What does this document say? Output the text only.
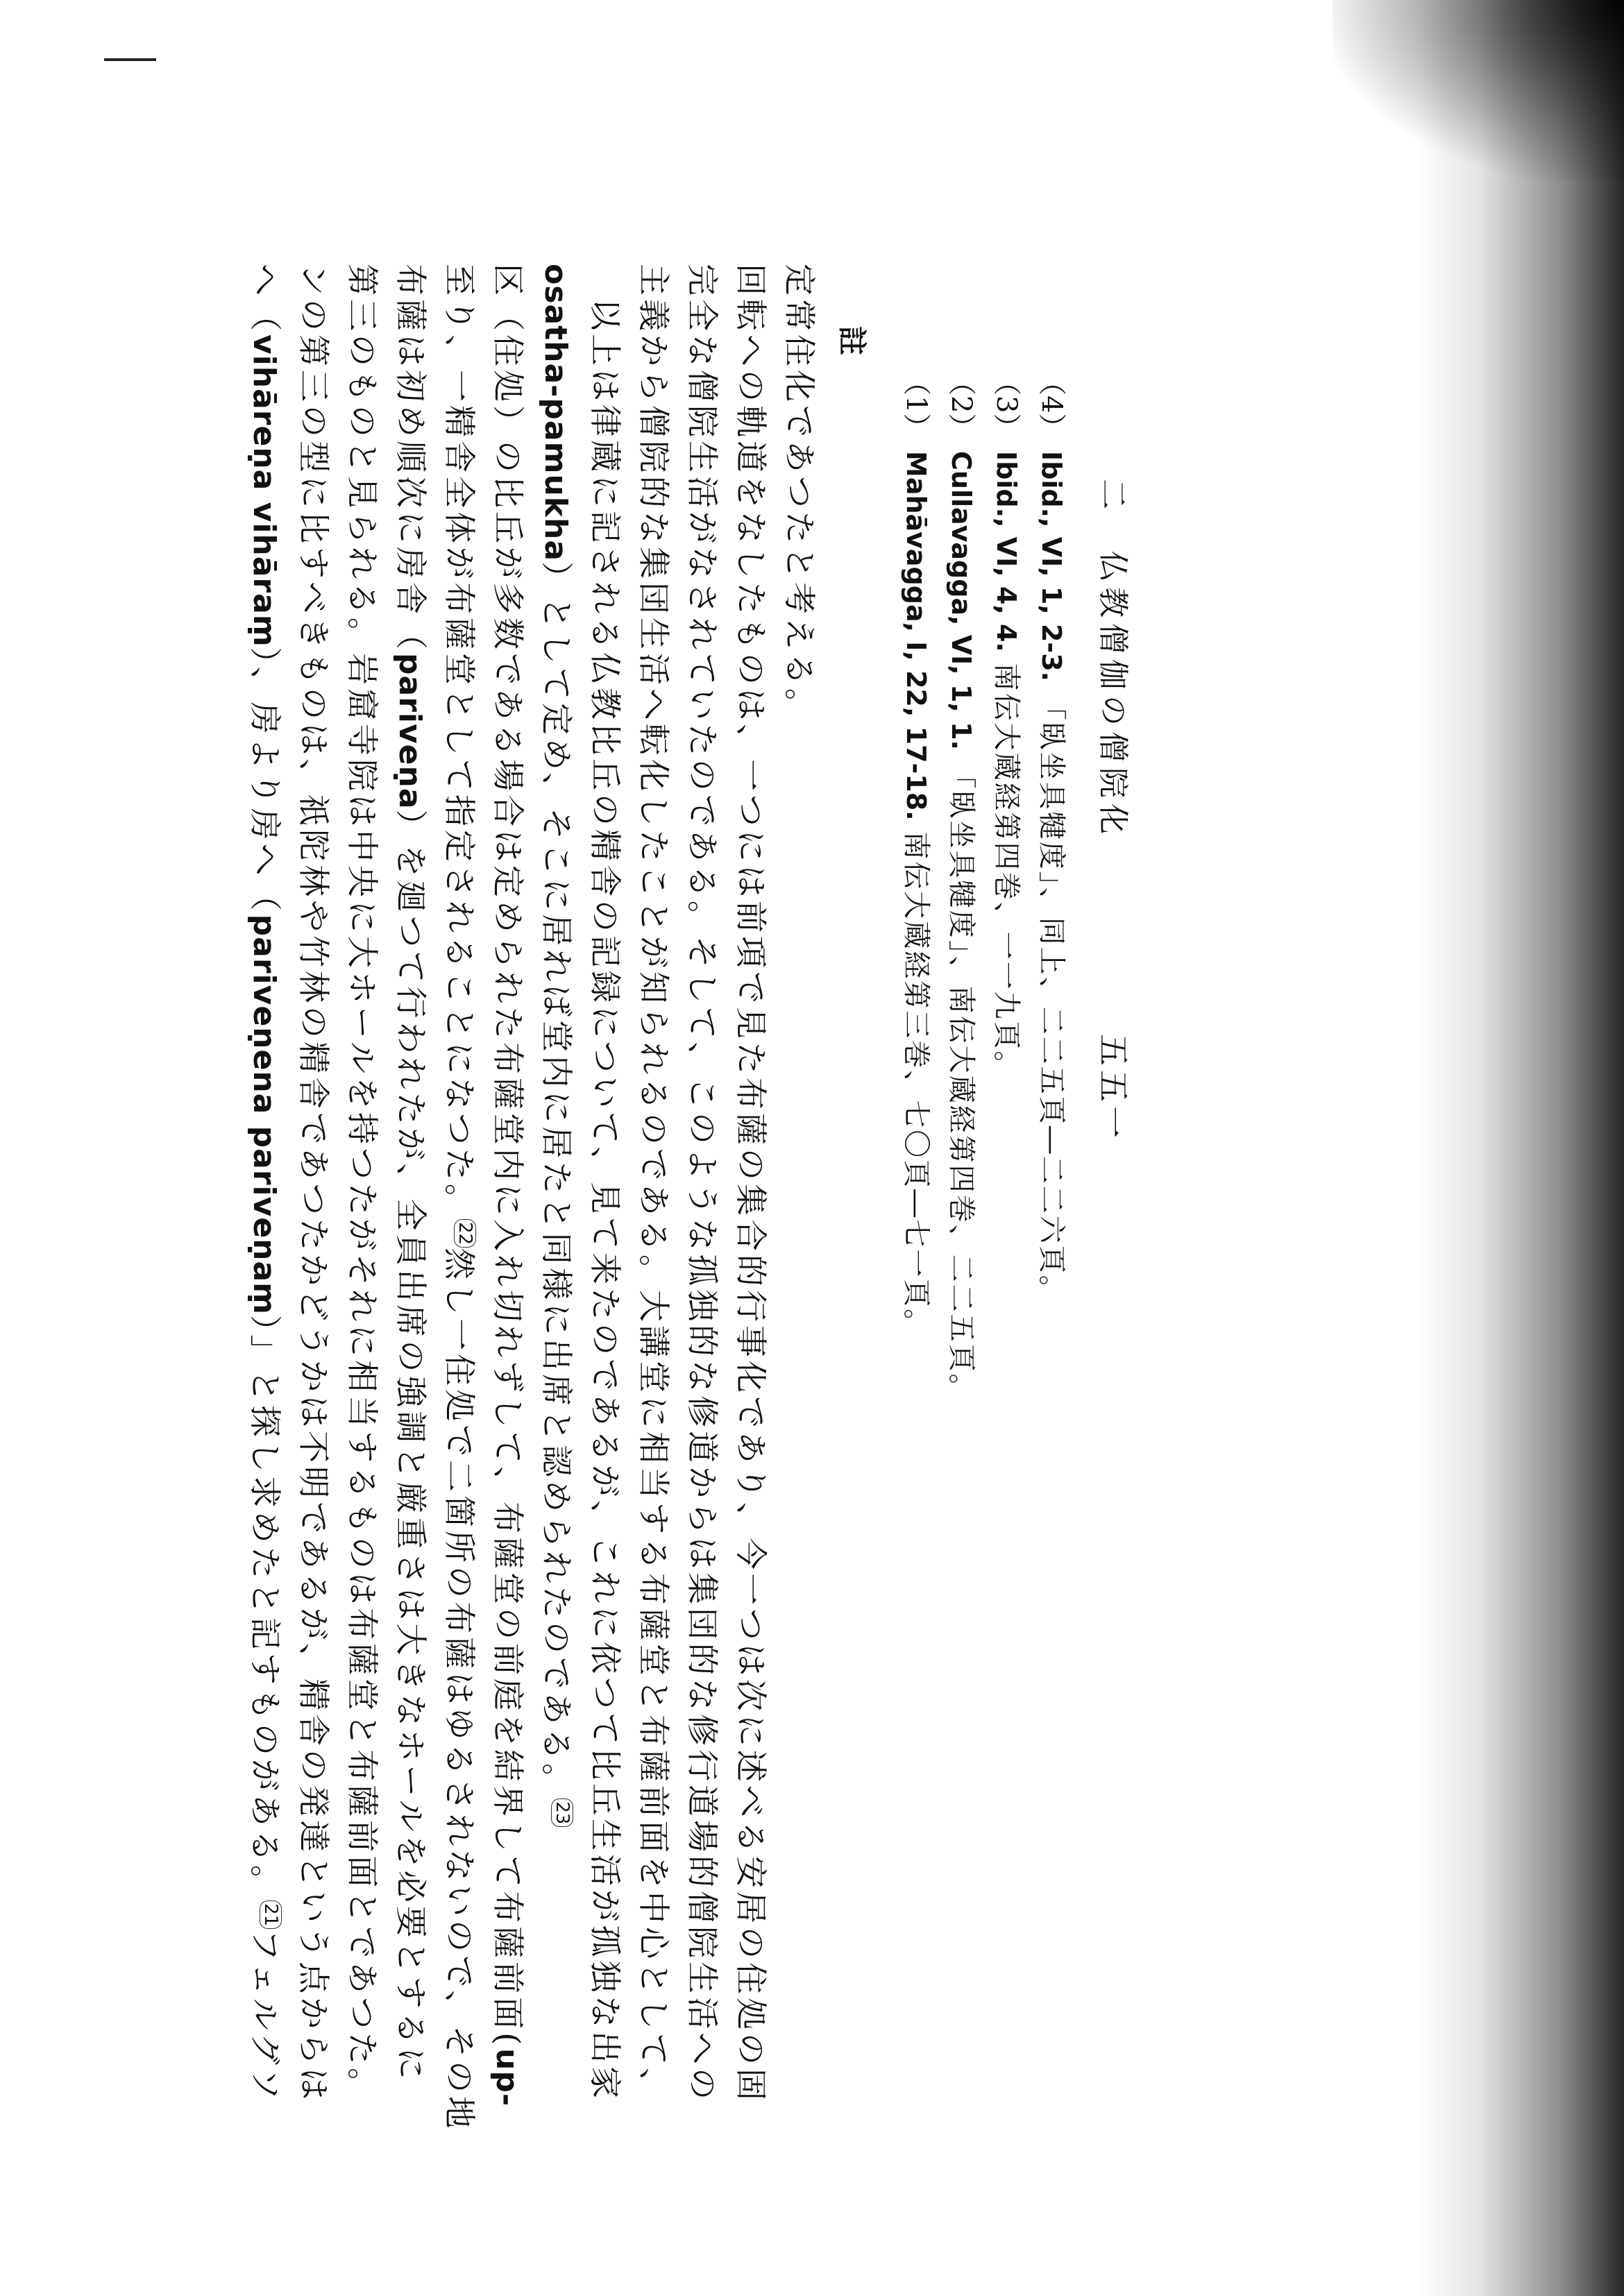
へ（vihāreṇa vihāraṃ）、房より房へ（pariveṇena pariveṇaṃ）」と探し求めたと記すものがある。$^{21}$フェルグソ ンの第三の型に比すべきものは、祇陀林や竹林の精舎であつたかどうかは不明であるが、精舎の発達という点からは 第三のものと見られる。岩窟寺院は中央に大ホールを持つたがそれに相当するものは布薩堂と布薩前面とであつた。 布薩は初め順次に房舎（pariveṇa）を廻つて行われたが、全員出席の強調と厳重さは大きなホールを必要とするに
至り、一精舎全体が布薩堂として指定されることになつた。$^{22}$然し一住処で二箇所の布薩はゆるされないので、その地 区（住処）の比丘が多数である場合は定められた布薩堂内に入れ切れずして、布薩堂の前庭を結界して布薩前面(up-
osatha-pamukha）として定め、そこに居れば堂内に居たと同様に出席と認められたのである。$^{23}$ 以上は律蔵に記される仏教比丘の精舎の記録について、見て来たのであるが、これに依つて比丘生活が孤独な出家 主義から僧院的な集団生活へ転化したことが知られるのである。大講堂に相当する布薩堂と布薩前面を中心として、 完全な僧院生活がなされていたのである。そして、このような孤独的な修道からは集団的な修行道場的僧院生活への 回転への軌道をなしたものは、一つには前項で見た布薩の集合的行事化であり、今一つは次に述べる安居の住処の固 定常住化であつたと考える。 註
（1）Mahāvagga, I, 22, 17-18. 南伝大蔵経第三巻、七〇頁―七一頁。
（2）Cullavagga, VI, 1, 1. 「臥坐具犍度」、南伝大蔵経第四巻、二二五頁。
（3）Ibid., VI, 4, 4. 南伝大蔵経第四巻、一一九頁。
（4）Ibid., VI, 1, 2-3. 「臥坐具犍度」、同上、二二五頁―二二六頁。
二　仏教僧伽の僧院化
五五一
